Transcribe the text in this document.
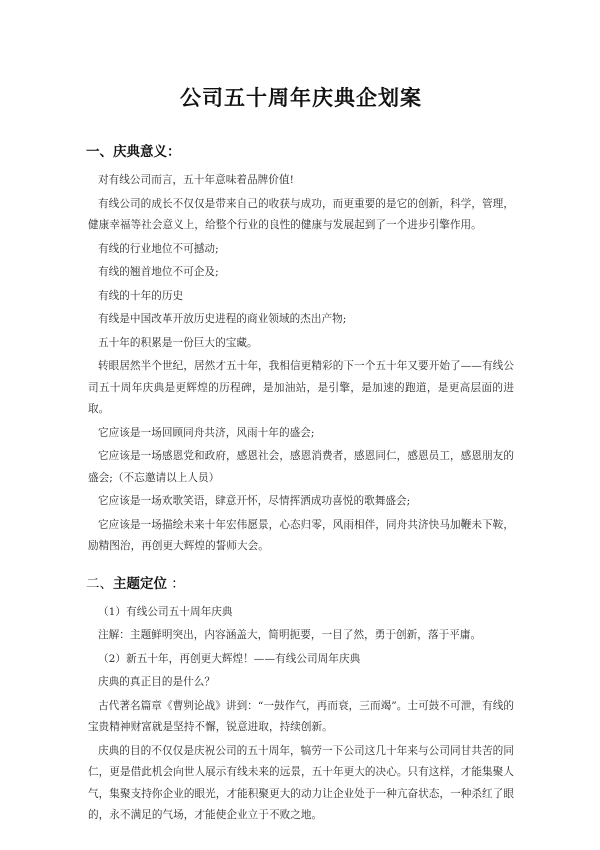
公司五十周年庆典企划案
一、庆典意义：
对有线公司而言，五十年意味着品牌价值!
有线公司的成长不仅仅是带来自己的收获与成功，而更重要的是它的创新，科学，管理，健康幸福等社会意义上，给整个行业的良性的健康与发展起到了一个进步引擎作用。
有线的行业地位不可撼动;
有线的翘首地位不可企及;
有线的十年的历史
有线是中国改革开放历史进程的商业领域的杰出产物;
五十年的积累是一份巨大的宝藏。
转眼居然半个世纪，居然才五十年，我相信更精彩的下一个五十年又要开始了——有线公司五十周年庆典是更辉煌的历程碑，是加油站，是引擎，是加速的跑道，是更高层面的进取。
它应该是一场回顾同舟共济，风雨十年的盛会;
它应该是一场感恩党和政府，感恩社会，感恩消费者，感恩同仁，感恩员工，感恩朋友的盛会;（不忘邀请以上人员）
它应该是一场欢歌笑语，肆意开怀，尽情挥洒成功喜悦的歌舞盛会;
它应该是一场描绘未来十年宏伟愿景，心态归零，风雨相伴，同舟共济快马加鞭未下鞍，励精图治，再创更大辉煌的誓师大会。
二、主题定位 ：
（1）有线公司五十周年庆典
注解：主题鲜明突出，内容涵盖大，简明扼要，一目了然，勇于创新，落于平庸。
（2）新五十年，再创更大辉煌！——有线公司周年庆典
庆典的真正目的是什么？
古代著名篇章《曹刿论战》讲到：“一鼓作气，再而衰，三而竭”。士可鼓不可泄，有线的宝贵精神财富就是坚持不懈，锐意进取，持续创新。
庆典的目的不仅仅是庆祝公司的五十周年，犒劳一下公司这几十年来与公司同甘共苦的同仁，更是借此机会向世人展示有线未来的远景，五十年更大的决心。只有这样，才能集聚人气，集聚支持你企业的眼光，才能积聚更大的动力让企业处于一种亢奋状态，一种杀红了眼的，永不满足的气场，才能使企业立于不败之地。
